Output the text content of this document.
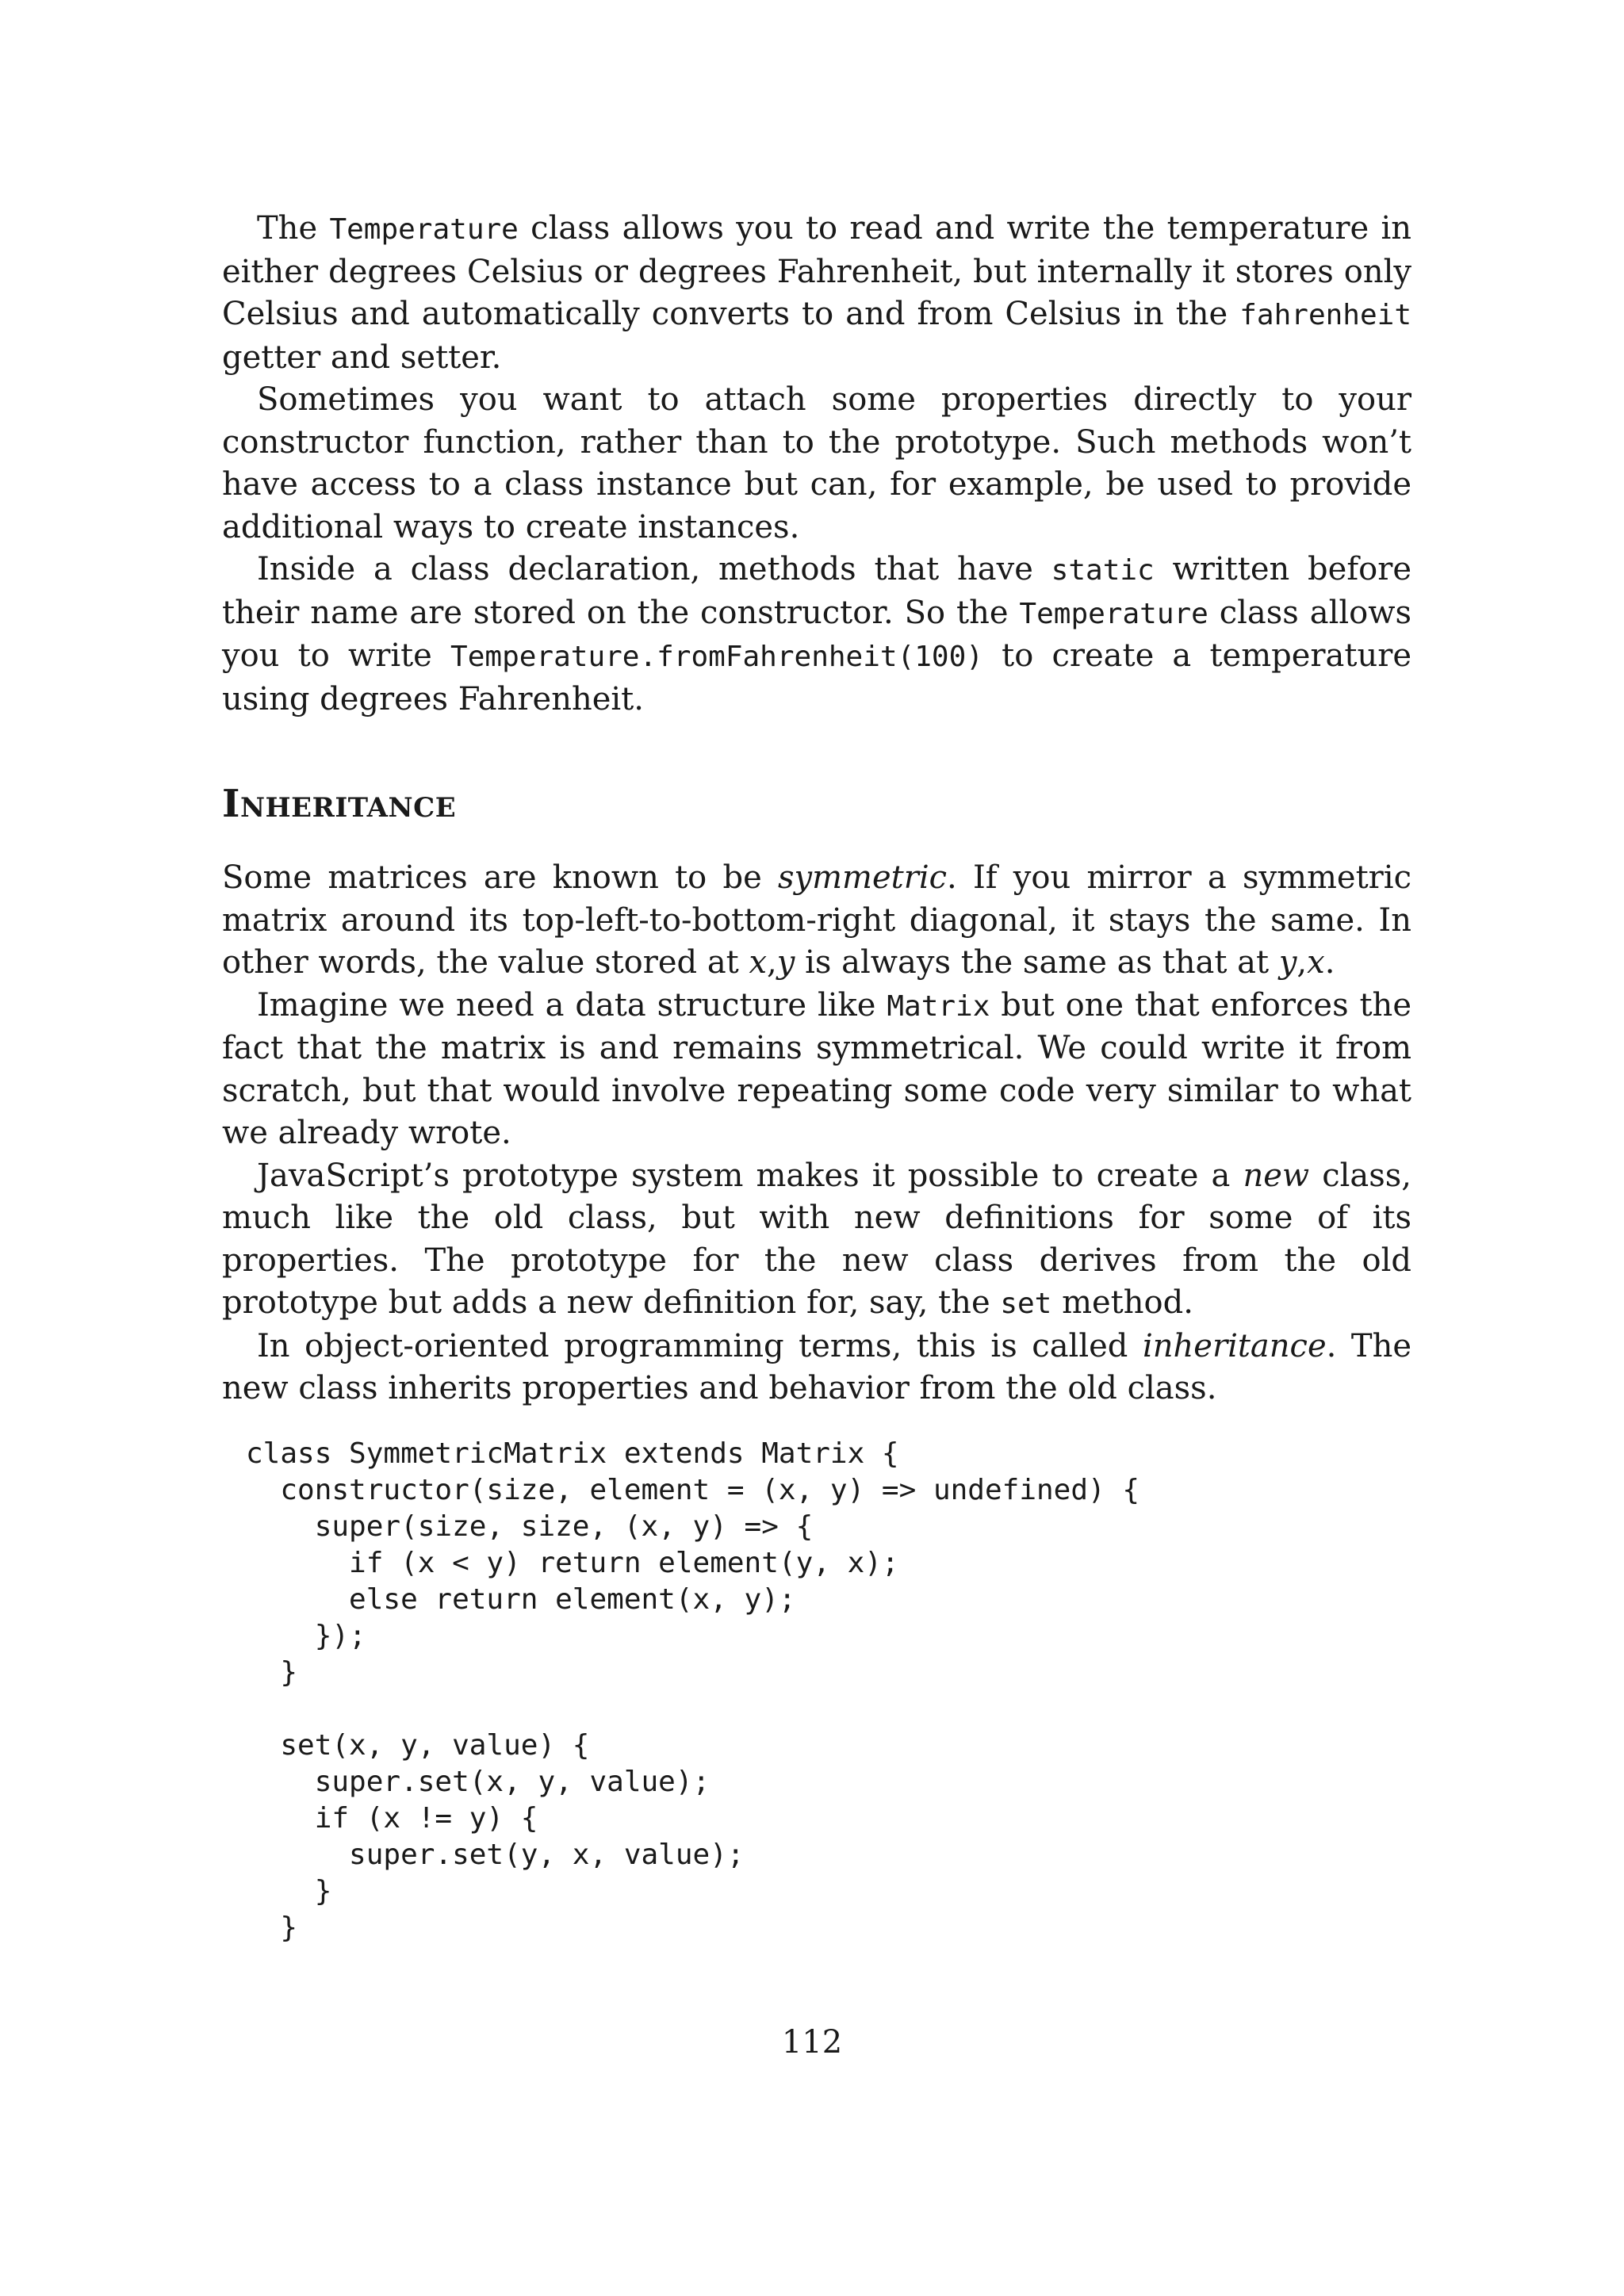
The Temperature class allows you to read and write the temperature in either degrees Celsius or degrees Fahrenheit, but internally it stores only Celsius and automatically converts to and from Celsius in the fahrenheit getter and setter.

Sometimes you want to attach some properties directly to your constructor function, rather than to the prototype. Such methods won’t have access to a class instance but can, for example, be used to provide additional ways to create instances.

Inside a class declaration, methods that have static written before their name are stored on the constructor. So the Temperature class allows you to write Temperature.fromFahrenheit(100) to create a temperature using degrees Fahrenheit.

Inheritance

Some matrices are known to be symmetric. If you mirror a symmetric matrix around its top-left-to-bottom-right diagonal, it stays the same. In other words, the value stored at x,y is always the same as that at y,x.

Imagine we need a data structure like Matrix but one that enforces the fact that the matrix is and remains symmetrical. We could write it from scratch, but that would involve repeating some code very similar to what we already wrote.

JavaScript’s prototype system makes it possible to create a new class, much like the old class, but with new definitions for some of its properties. The prototype for the new class derives from the old prototype but adds a new definition for, say, the set method.

In object-oriented programming terms, this is called inheritance. The new class inherits properties and behavior from the old class.

class SymmetricMatrix extends Matrix {
constructor(size, element = (x, y) => undefined) {
super(size, size, (x, y) => {
if (x < y) return element(y, x);
else return element(x, y);
});
}

set(x, y, value) {
super.set(x, y, value);
if (x != y) {
super.set(y, x, value);
}
}
112
